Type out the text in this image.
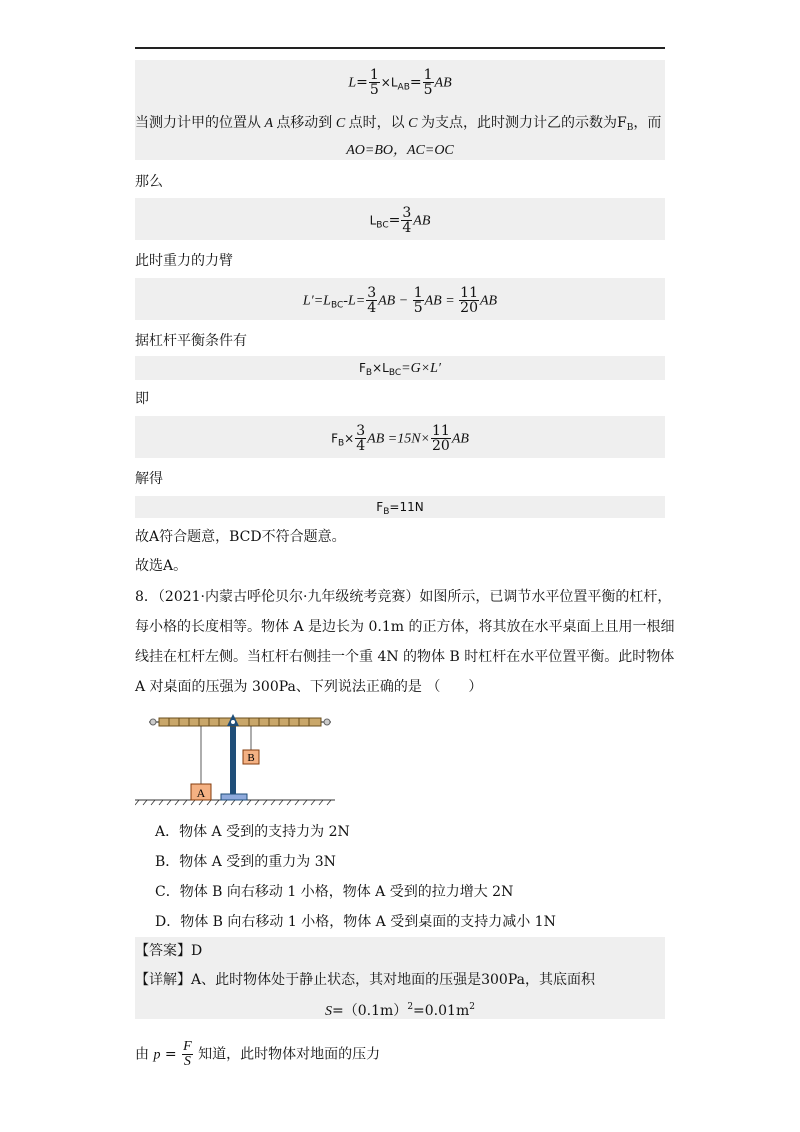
$L= \frac{1}{5} \times L_{AB}= \frac{1}{5}$ AB
当测力计甲的位置从 A 点移动到 C 点时，以 C 为支点，此时测力计乙的示数为$F_B$，而
AO=BO，AC=OC
那么
$L_{BC}= \frac{3}{4}$ AB
此时重力的力臂
$L'=L_{BC}-L= \frac{3}{4}$ AB − $\frac{1}{5}$ AB = $\frac{11}{20}$ AB
据杠杆平衡条件有
$F_B\times L_{BC}=G\times L'$
即
$F_B\times \frac{3}{4}$ AB $=15N\times \frac{11}{20}$ AB
解得
$F_B=11N$
故A符合题意，BCD不符合题意。
故选A。
8．（2021·内蒙古呼伦贝尔·九年级统考竞赛）如图所示，已调节水平位置平衡的杠杆，
每小格的长度相等。物体 A 是边长为 0.1m 的正方体，将其放在水平桌面上且用一根细
线挂在杠杆左侧。当杠杆右侧挂一个重 4N 的物体 B 时杠杆在水平位置平衡。此时物体
A 对桌面的压强为 300Pa、下列说法正确的是 （　　）
A
B
A．物体 A 受到的支持力为 2N
B．物体 A 受到的重力为 3N
C．物体 B 向右移动 1 小格，物体 A 受到的拉力增大 2N
D．物体 B 向右移动 1 小格，物体 A 受到桌面的支持力减小 1N
【答案】D
【详解】A、此时物体处于静止状态，其对地面的压强是300Pa，其底面积
$S=(0.1m)^2=0.01m^2$
由 $p = \frac{F}{S}$ 知道，此时物体对地面的压力
